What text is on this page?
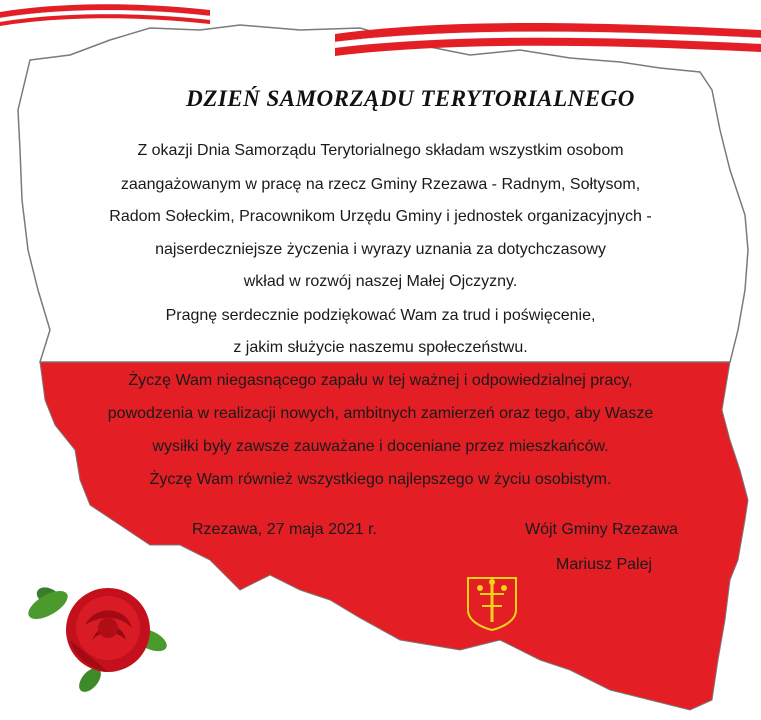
DZIEŃ SAMORZĄDU TERYTORIALNEGO
Z okazji Dnia Samorządu Terytorialnego składam wszystkim osobom
zaangażowanym w pracę na rzecz Gminy Rzezawa - Radnym, Sołtysom,
Radom Sołeckim, Pracownikom Urzędu Gminy i jednostek organizacyjnych -
najserdeczniejsze życzenia i wyrazy uznania za dotychczasowy
wkład w rozwój naszej Małej Ojczyzny.
Pragnę serdecznie podziękować Wam za trud i poświęcenie,
z jakim służycie naszemu społeczeństwu.
Życzę Wam niegasnącego zapału w tej ważnej i odpowiedzialnej pracy,
powodzenia w realizacji nowych, ambitnych zamierzeń oraz tego, aby Wasze
wysiłki były zawsze zauważane i doceniane przez mieszkańców.
Życzę Wam również wszystkiego najlepszego w życiu osobistym.
Rzezawa, 27 maja 2021 r.	Wójt Gminy Rzezawa
Mariusz Palej
